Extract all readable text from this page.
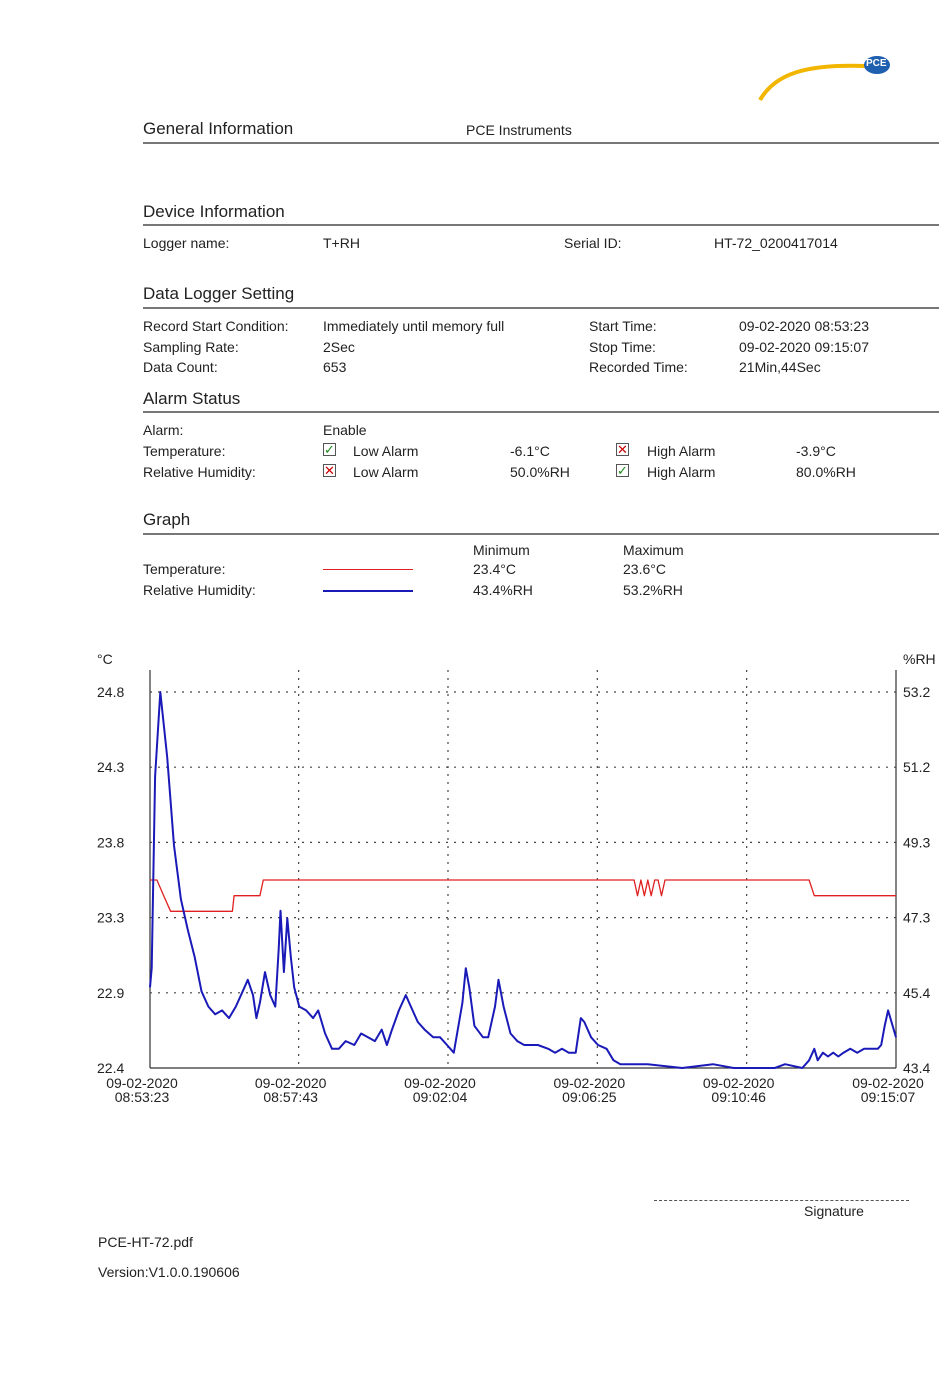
PCE
General Information	PCE Instruments
Device Information
Logger name:	T+RH	Serial ID:	HT-72_0200417014
Data Logger Setting
Record Start Condition: Immediately until memory full	Start Time:	09-02-2020 08:53:23
Sampling Rate:	2Sec	Stop Time:	09-02-2020 09:15:07
Data Count:	653	Recorded Time:	21Min,44Sec
Alarm Status
Alarm:	Enable
Temperature:	✓ Low Alarm	-6.1°C	✕ High Alarm	-3.9°C
Relative Humidity:	✕ Low Alarm	50.0%RH	✓ High Alarm	80.0%RH
Graph
Minimum	Maximum
Temperature:	23.4°C	23.6°C
Relative Humidity:	43.4%RH	53.2%RH
24.8
24.3
23.8
23.3
22.9
22.4
53.2
51.2
49.3
47.3
45.4
43.4
°C	%RH
09-02-2020
08:53:23
09-02-2020
08:57:43
09-02-2020
09:02:04
09-02-2020
09:06:25
09-02-2020
09:10:46
09-02-2020
09:15:07
Signature
PCE-HT-72.pdf
Version:V1.0.0.190606
